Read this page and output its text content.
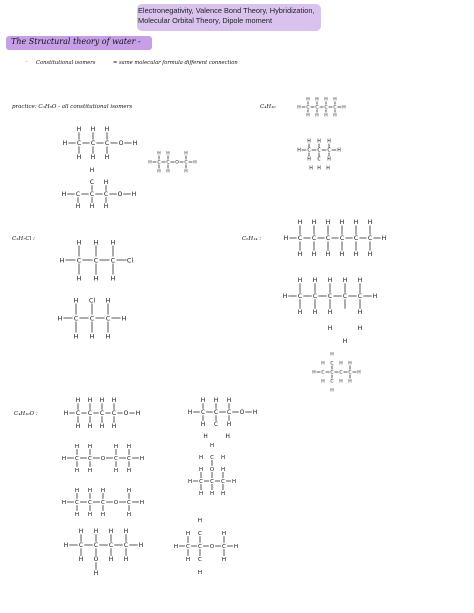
Electronegativity, Valence Bond Theory, Hybridization,
Molecular Orbital Theory, Dipole moment
The Structural theory of water -
· Constitutional isomers	= same molecular formula different connection
practice: C₃H₈O - all constitutional isomers	C₄H₁₀
C₃H₇Cl :	C₆H₁₄ :
C₄H₁₀O :
H C C C O H
H H H
H H H
H C C O C H
H H	H
H H	H
H C C C O H
C
H
H
H H H
H C
H
H
C
H
H
C
H
H
C
H
H
H
H C C C H
H H H
H	H
C
H H H
H C C C Cl
H H H
H H H
H C C C H
H Cl H
H H H
H C
H
H
C
H
H
C
H
H
C
H
H
C
H
H
C
H
H
H
H C C C C C H
H H H H H
H H	H
H
H	H
H
H C C C C H
C
H
H	H
H C H H
H
H
H C
H
H
C
H
H
C
H
H
C
H
H
O H
H C C O C C H
H H	H H
H H	H H
H C C C O C H
H H H	H
H H H	H
H C C C C H
H H H H
H O H H
H
H C C C O H
H H H
H C H
H	H
H C C C H
H O H
H H H
C
H
H	H
H C C O C H
H C	H
H C	H
H
H
